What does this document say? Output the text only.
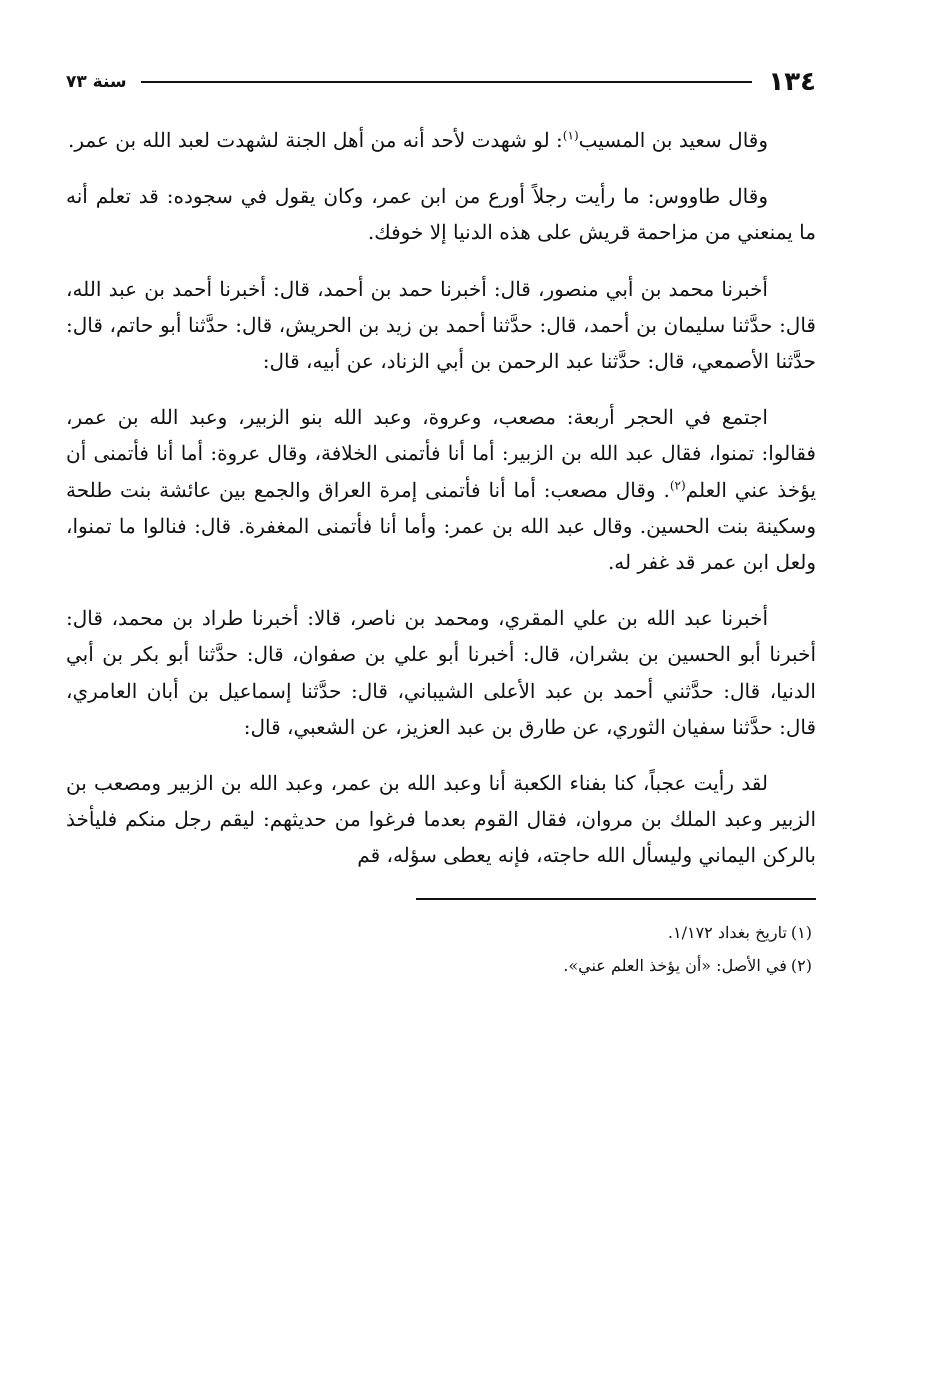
١٣٤
سنة ٧٣

وقال سعيد بن المسيب$^{(١)}$: لو شهدت لأحد أنه من أهل الجنة لشهدت لعبد الله بن عمر.

وقال طاووس: ما رأيت رجلاً أورع من ابن عمر، وكان يقول في سجوده: قد تعلم أنه ما يمنعني من مزاحمة قريش على هذه الدنيا إلا خوفك.

أخبرنا محمد بن أبي منصور، قال: أخبرنا حمد بن أحمد، قال: أخبرنا أحمد بن عبد الله، قال: حدَّثنا سليمان بن أحمد، قال: حدَّثنا أحمد بن زيد بن الحريش، قال: حدَّثنا أبو حاتم، قال: حدَّثنا الأصمعي، قال: حدَّثنا عبد الرحمن بن أبي الزناد، عن أبيه، قال:

اجتمع في الحجر أربعة: مصعب، وعروة، وعبد الله بنو الزبير، وعبد الله بن عمر، فقالوا: تمنوا، فقال عبد الله بن الزبير: أما أنا فأتمنى الخلافة، وقال عروة: أما أنا فأتمنى أن يؤخذ عني العلم$^{(٢)}$. وقال مصعب: أما أنا فأتمنى إمرة العراق والجمع بين عائشة بنت طلحة وسكينة بنت الحسين. وقال عبد الله بن عمر: وأما أنا فأتمنى المغفرة. قال: فنالوا ما تمنوا، ولعل ابن عمر قد غفر له.

أخبرنا عبد الله بن علي المقري، ومحمد بن ناصر، قالا: أخبرنا طراد بن محمد، قال: أخبرنا أبو الحسين بن بشران، قال: أخبرنا أبو علي بن صفوان، قال: حدَّثنا أبو بكر بن أبي الدنيا، قال: حدَّثني أحمد بن عبد الأعلى الشيباني، قال: حدَّثنا إسماعيل بن أبان العامري، قال: حدَّثنا سفيان الثوري، عن طارق بن عبد العزيز، عن الشعبي، قال:

لقد رأيت عجباً، كنا بفناء الكعبة أنا وعبد الله بن عمر، وعبد الله بن الزبير ومصعب بن الزبير وعبد الملك بن مروان، فقال القوم بعدما فرغوا من حديثهم: ليقم رجل منكم فليأخذ بالركن اليماني وليسأل الله حاجته، فإنه يعطى سؤله، قم

(١)تاريخ بغداد ١/١٧٢.

(٢)في الأصل: «أن يؤخذ العلم عني».
